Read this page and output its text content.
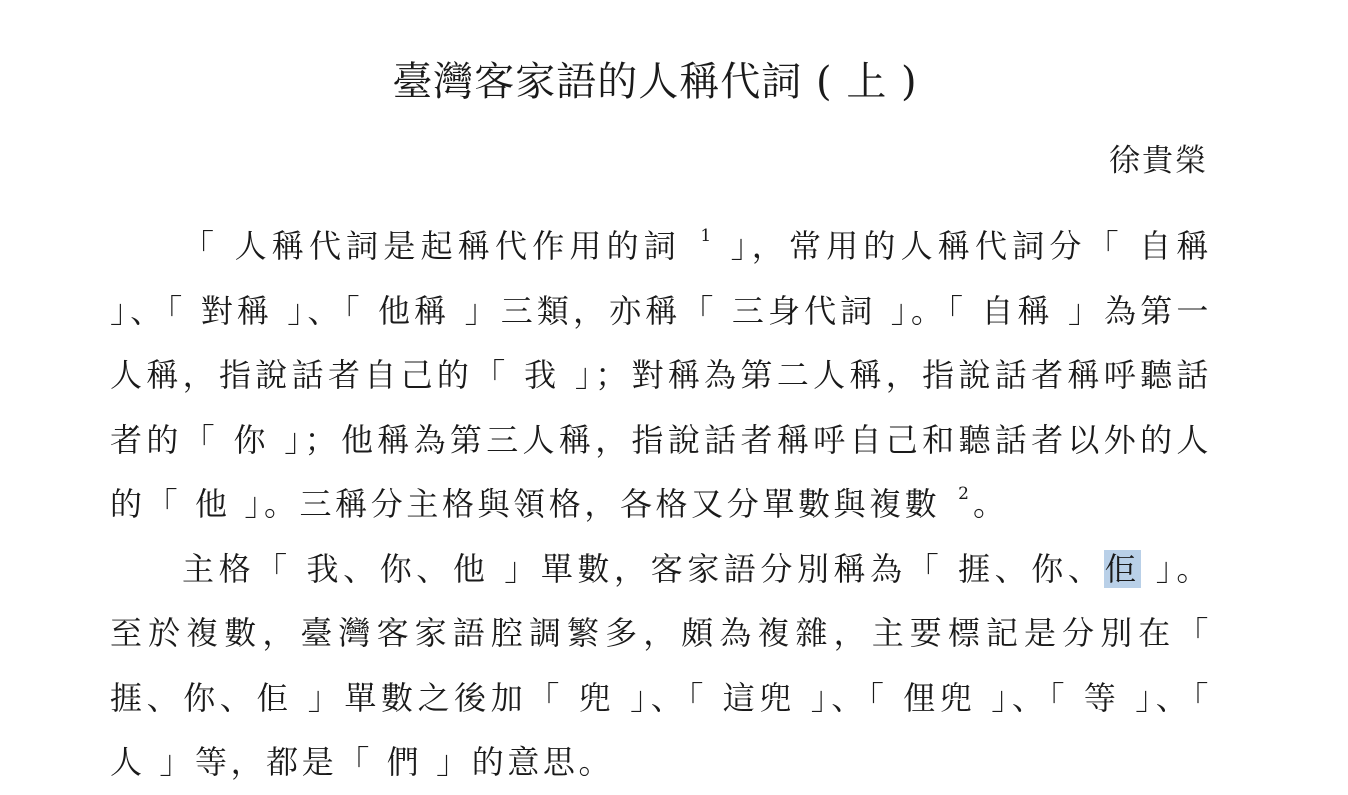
臺灣客家語的人稱代詞 ( 上 )
徐貴榮

「 人稱代詞是起稱代作用的詞 $^1$ 」，常用的人稱代詞分「 自稱 」、「 對稱 」、「 他稱 」三類，亦稱「 三身代詞 」。「 自稱 」為第一人稱，指說話者自己的「 我 」；對稱為第二人稱，指說話者稱呼聽話者的「 你 」；他稱為第三人稱，指說話者稱呼自己和聽話者以外的人的「 他 」。三稱分主格與領格，各格又分單數與複數 $^2$ 。

主格「 我、你、他 」單數，客家語分別稱為「 捱、你、佢 」。至於複數，臺灣客家語腔調繁多，頗為複雜，主要標記是分別在「 捱、你、佢 」單數之後加「 兜 」、「 這兜 」、「 俚兜 」、「 等 」、「 人 」等，都是「 們 」的意思。
